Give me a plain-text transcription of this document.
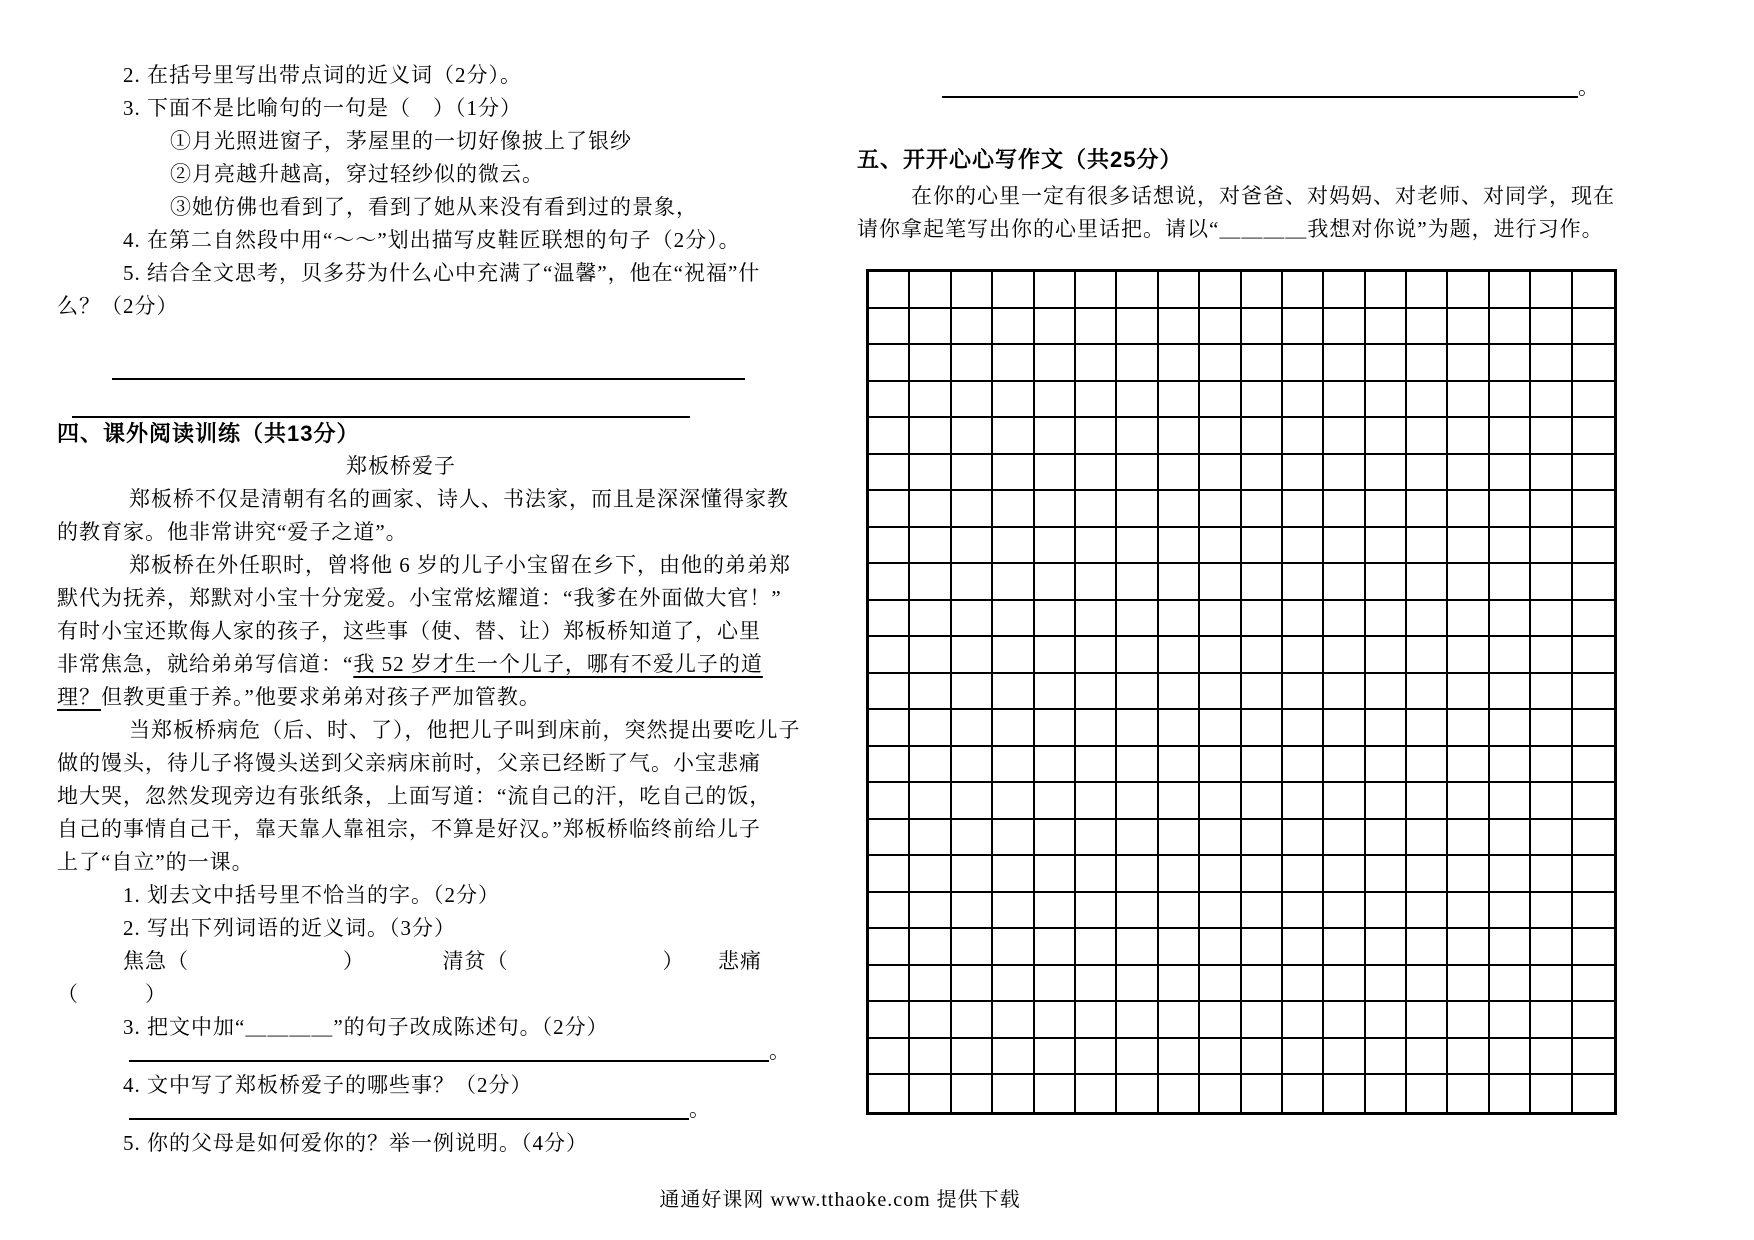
2. 在括号里写出带点词的近义词（2分）。
3. 下面不是比喻句的一句是（　）（1分）
①月光照进窗子，茅屋里的一切好像披上了银纱
②月亮越升越高，穿过轻纱似的微云。
③她仿佛也看到了，看到了她从来没有看到过的景象，
4. 在第二自然段中用“～～”划出描写皮鞋匠联想的句子（2分）。
5. 结合全文思考，贝多芬为什么心中充满了“温馨”，他在“祝福”什
么？（2分）
四、课外阅读训练（共13分）
郑板桥爱子
郑板桥不仅是清朝有名的画家、诗人、书法家，而且是深深懂得家教
的教育家。他非常讲究“爱子之道”。
郑板桥在外任职时，曾将他 6 岁的儿子小宝留在乡下，由他的弟弟郑
默代为抚养，郑默对小宝十分宠爱。小宝常炫耀道：“我爹在外面做大官！”
有时小宝还欺侮人家的孩子，这些事（使、替、让）郑板桥知道了，心里
非常焦急，就给弟弟写信道：“我 52 岁才生一个儿子，哪有不爱儿子的道
理？但教更重于养。”他要求弟弟对孩子严加管教。
当郑板桥病危（后、时、了），他把儿子叫到床前，突然提出要吃儿子
做的馒头，待儿子将馒头送到父亲病床前时，父亲已经断了气。小宝悲痛
地大哭，忽然发现旁边有张纸条，上面写道：“流自己的汗，吃自己的饭，
自己的事情自己干，靠天靠人靠祖宗，不算是好汉。”郑板桥临终前给儿子
上了“自立”的一课。
1. 划去文中括号里不恰当的字。（2分）
2. 写出下列词语的近义词。（3分）
焦急（　　　　　　　）　　　　清贫（　　　　　　　）　　悲痛
（　　　）
3. 把文中加“＿＿＿＿”的句子改成陈述句。（2分）
。
4. 文中写了郑板桥爱子的哪些事？（2分）
。
5. 你的父母是如何爱你的？举一例说明。（4分）
。
五、开开心心写作文（共25分）
在你的心里一定有很多话想说，对爸爸、对妈妈、对老师、对同学，现在
请你拿起笔写出你的心里话把。请以“＿＿＿＿我想对你说”为题，进行习作。
通通好课网 www.tthaoke.com 提供下载
